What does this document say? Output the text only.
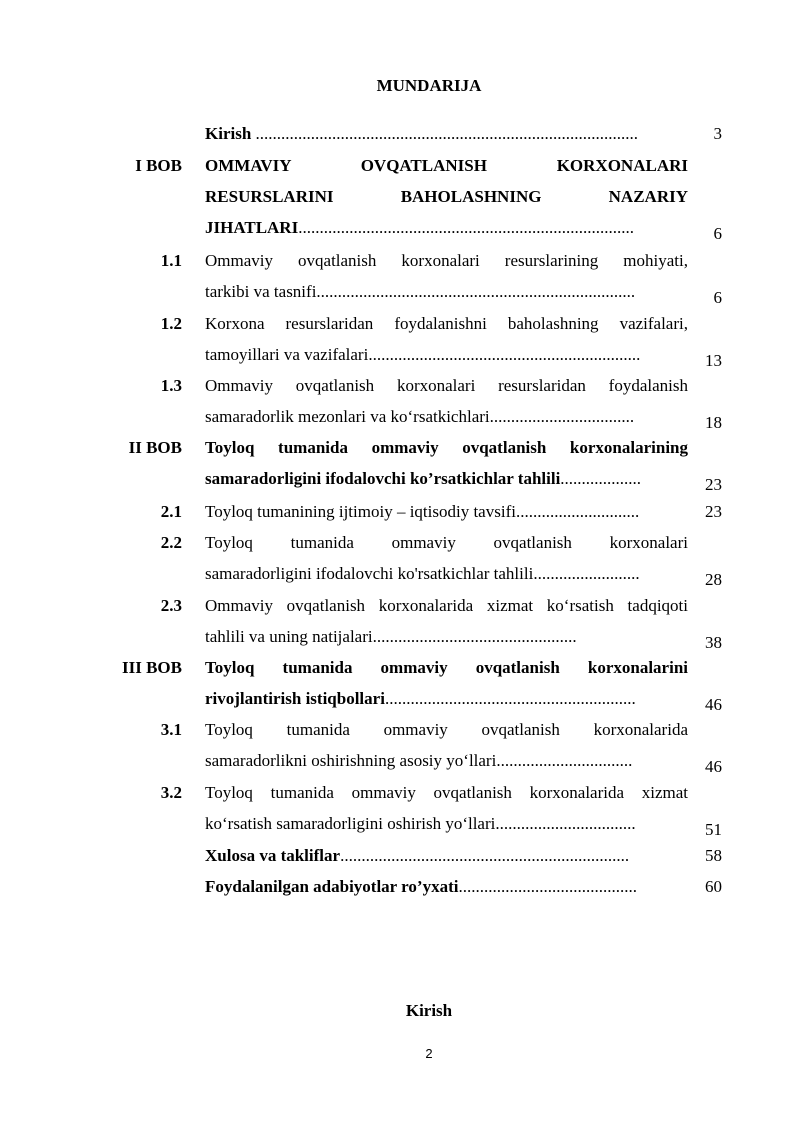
MUNDARIJA
Kirish ..........................................................................................	3
I BOB OMMAVIY OVQATLANISH KORXONALARI
RESURSLARINI BAHOLASHNING NAZARIY
JIHATLARI...............................................................................	6
1.1 Ommaviy ovqatlanish korxonalari resurslarining mohiyati,
tarkibi va tasnifi...........................................................................	6
1.2 Korxona resurslaridan foydalanishni baholashning vazifalari,
tamoyillari va vazifalari................................................................	13
1.3 Ommaviy ovqatlanish korxonalari resurslaridan foydalanish
samaradorlik mezonlari va ko‘rsatkichlari..................................	18
II BOB Toyloq tumanida ommaviy ovqatlanish korxonalarining
samaradorligini ifodalovchi ko’rsatkichlar tahlili...................	23
2.1 Toyloq tumanining ijtimoiy – iqtisodiy tavsifi.............................	23
2.2 Toyloq tumanida ommaviy ovqatlanish korxonalari
samaradorligini ifodalovchi ko'rsatkichlar tahlili.........................	28
2.3 Ommaviy ovqatlanish korxonalarida xizmat ko‘rsatish tadqiqoti
tahlili va uning natijalari................................................	38
III BOB Toyloq tumanida ommaviy ovqatlanish korxonalarini
rivojlantirish istiqbollari...........................................................	46
3.1 Toyloq tumanida ommaviy ovqatlanish korxonalarida
samaradorlikni oshirishning asosiy yo‘llari................................	46
3.2 Toyloq tumanida ommaviy ovqatlanish korxonalarida xizmat
ko‘rsatish samaradorligini oshirish yo‘llari.................................	51
Xulosa va takliflar....................................................................	58
Foydalanilgan adabiyotlar ro’yxati..........................................	60
Kirish
2
